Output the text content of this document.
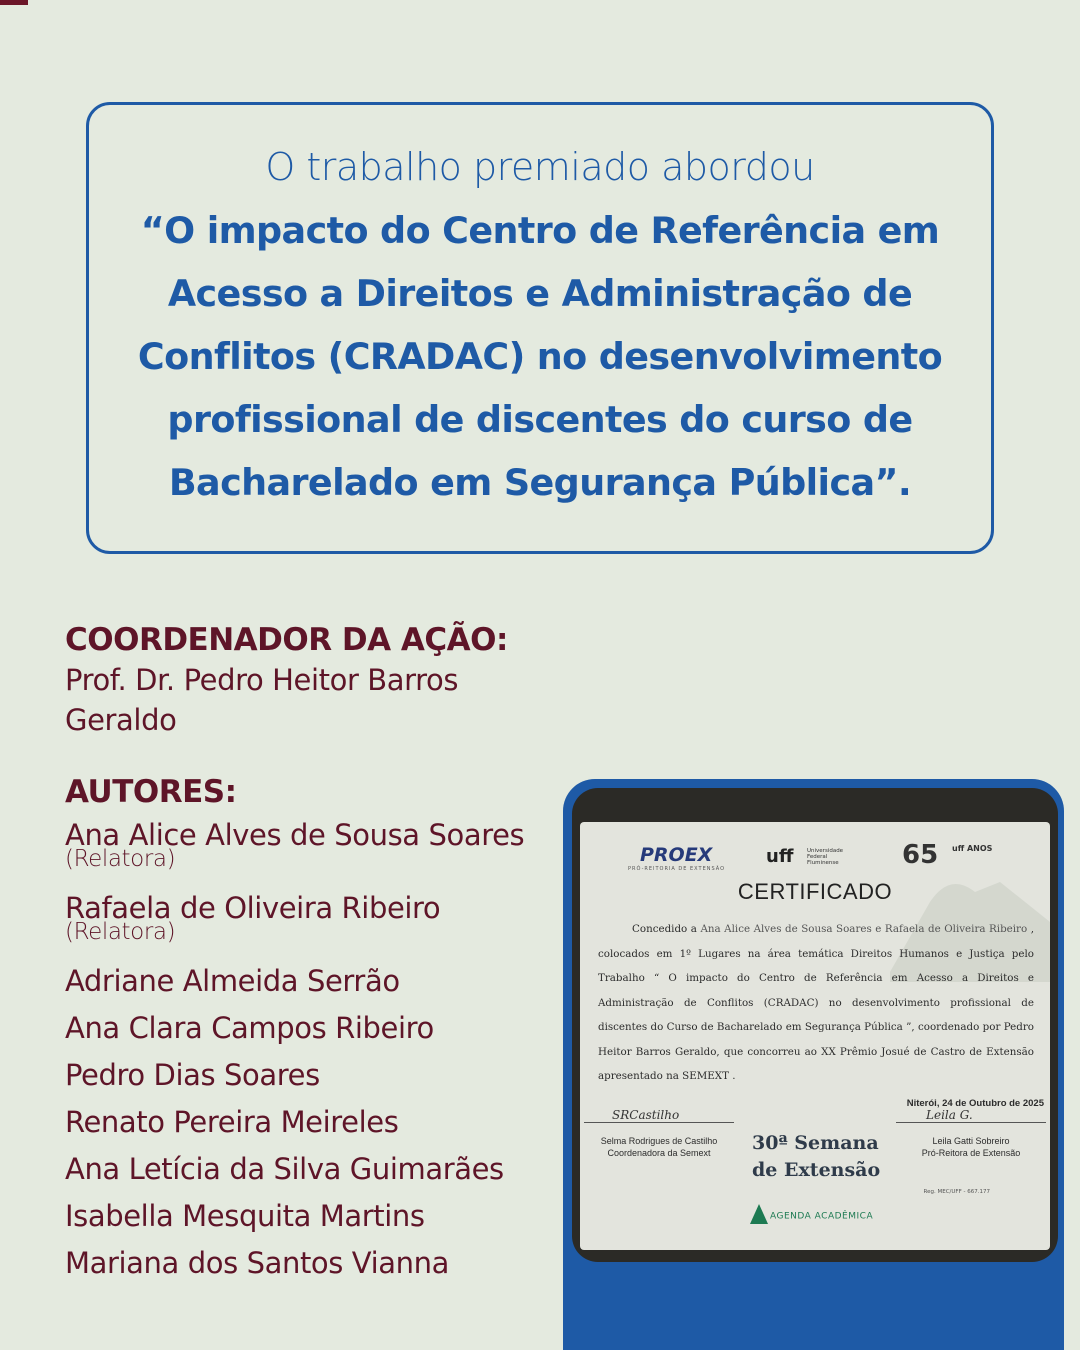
O trabalho premiado abordou
“O impacto do Centro de Referência em Acesso a Direitos e Administração de Conflitos (CRADAC) no desenvolvimento profissional de discentes do curso de Bacharelado em Segurança Pública”.
COORDENADOR DA AÇÃO:
Prof. Dr. Pedro Heitor Barros Geraldo
AUTORES:
Ana Alice Alves de Sousa Soares
(Relatora)
Rafaela de Oliveira Ribeiro
(Relatora)
Adriane Almeida Serrão
Ana Clara Campos Ribeiro
Pedro Dias Soares
Renato Pereira Meireles
Ana Letícia da Silva Guimarães
Isabella Mesquita Martins
Mariana dos Santos Vianna
PROEX
PRÓ-REITORIA DE EXTENSÃO
uff Universidade Federal Fluminense	65 uff ANOS
CERTIFICADO
Concedido a Ana Alice Alves de Sousa Soares e Rafaela de Oliveira Ribeiro , colocados em 1º Lugares na área temática Direitos Humanos e Justiça pelo Trabalho “ O impacto do Centro de Referência em Acesso a Direitos e Administração de Conflitos (CRADAC) no desenvolvimento profissional de discentes do Curso de Bacharelado em Segurança Pública ”, coordenado por Pedro Heitor Barros Geraldo, que concorreu ao XX Prêmio Josué de Castro de Extensão apresentado na SEMEXT .
Niterói, 24 de Outubro de 2025
SRCastilho
Selma Rodrigues de Castilho
Coordenadora da Semext	30ª Semana
de Extensão
Leila G.
Leila Gatti Sobreiro
Pró-Reitora de Extensão
Reg. MEC/UFF - 667.177
AGENDA ACADÊMICA
